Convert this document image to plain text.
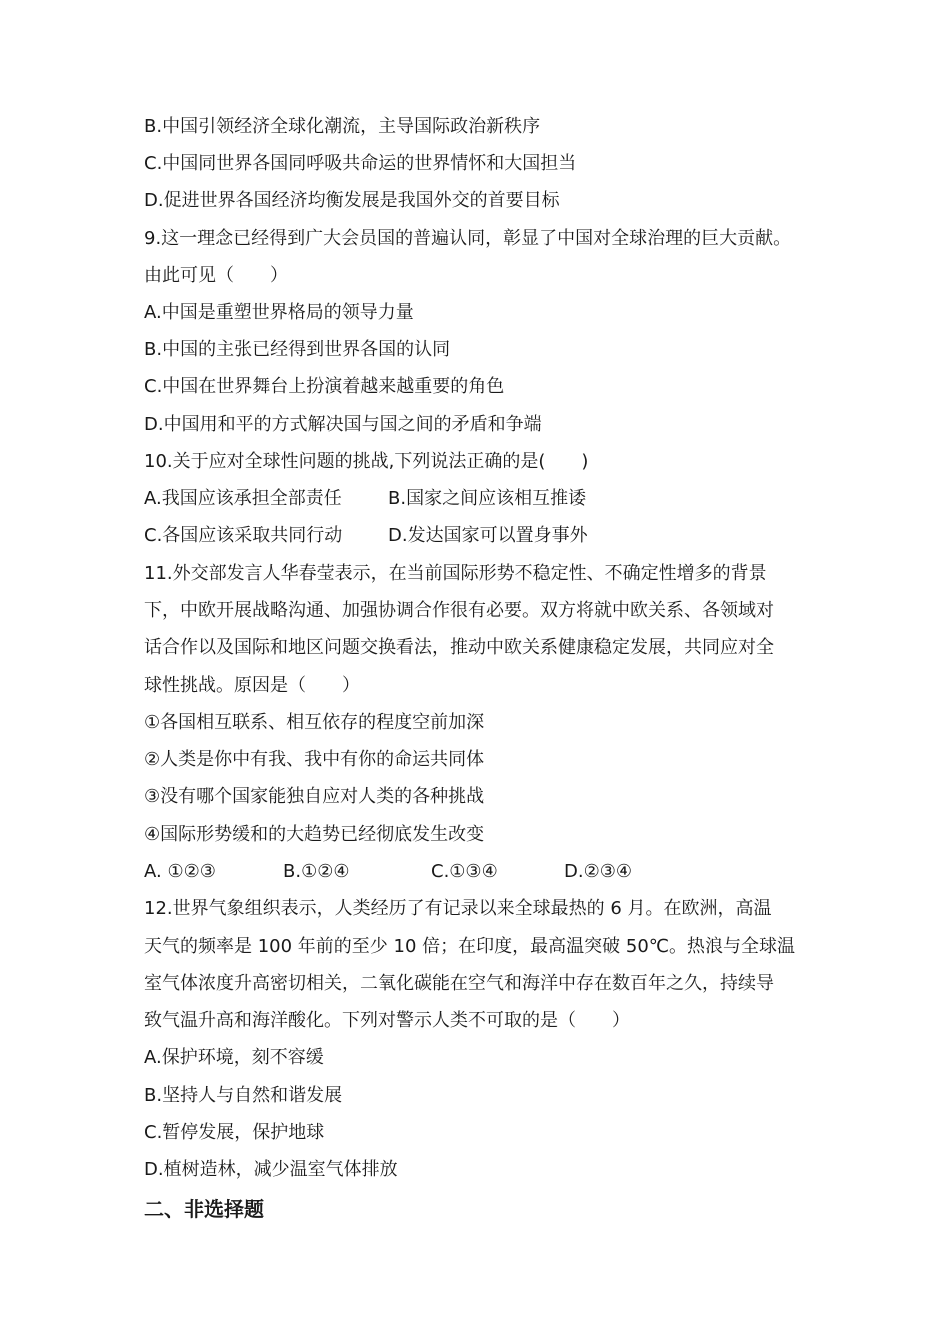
B.中国引领经济全球化潮流，主导国际政治新秩序
C.中国同世界各国同呼吸共命运的世界情怀和大国担当
D.促进世界各国经济均衡发展是我国外交的首要目标
9.这一理念已经得到广大会员国的普遍认同，彰显了中国对全球治理的巨大贡献。
由此可见（　　）
A.中国是重塑世界格局的领导力量
B.中国的主张已经得到世界各国的认同
C.中国在世界舞台上扮演着越来越重要的角色
D.中国用和平的方式解决国与国之间的矛盾和争端
10.关于应对全球性问题的挑战,下列说法正确的是(　　)
A.我国应该承担全部责任	B.国家之间应该相互推诿
C.各国应该采取共同行动	D.发达国家可以置身事外
11.外交部发言人华春莹表示，在当前国际形势不稳定性、不确定性增多的背景
下，中欧开展战略沟通、加强协调合作很有必要。双方将就中欧关系、各领域对
话合作以及国际和地区问题交换看法，推动中欧关系健康稳定发展，共同应对全
球性挑战。原因是（　　）
①各国相互联系、相互依存的程度空前加深
②人类是你中有我、我中有你的命运共同体
③没有哪个国家能独自应对人类的各种挑战
④国际形势缓和的大趋势已经彻底发生改变
A. ①②③	B.①②④	C.①③④	D.②③④
12.世界气象组织表示，人类经历了有记录以来全球最热的 6 月。在欧洲，高温
天气的频率是 100 年前的至少 10 倍；在印度，最高温突破 50℃。热浪与全球温
室气体浓度升高密切相关，二氧化碳能在空气和海洋中存在数百年之久，持续导
致气温升高和海洋酸化。下列对警示人类不可取的是（　　）
A.保护环境，刻不容缓
B.坚持人与自然和谐发展
C.暂停发展，保护地球
D.植树造林，减少温室气体排放
二、非选择题
